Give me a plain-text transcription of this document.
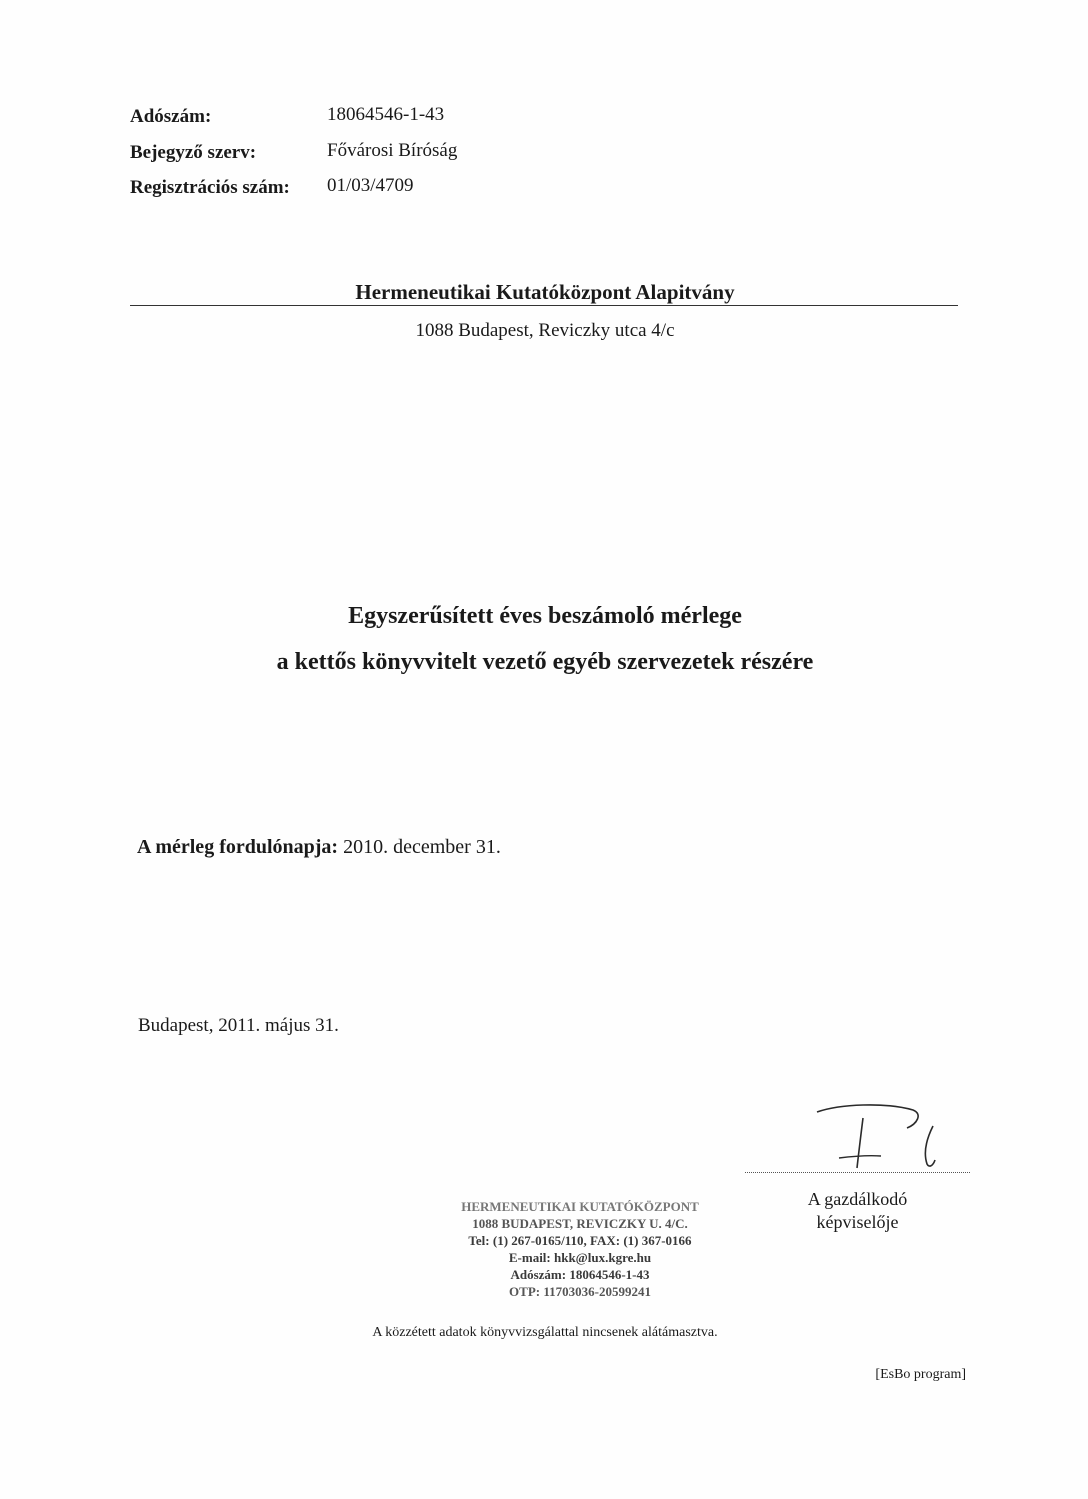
Adószám:	18064546-1-43
Bejegyző szerv:	Fővárosi Bíróság
Regisztrációs szám: 01/03/4709
Hermeneutikai Kutatóközpont Alapitvány
1088 Budapest, Reviczky utca 4/c
Egyszerűsített éves beszámoló mérlege
a kettős könyvvitelt vezető egyéb szervezetek részére
A mérleg fordulónapja: 2010. december 31.
Budapest, 2011. május 31.
A gazdálkodó
képviselője
HERMENEUTIKAI KUTATÓKÖZPONT
1088 BUDAPEST, REVICZKY U. 4/C.
Tel: (1) 267-0165/110, FAX: (1) 367-0166
E-mail: hkk@lux.kgre.hu
Adószám: 18064546-1-43
OTP: 11703036-20599241
A közzétett adatok könyvvizsgálattal nincsenek alátámasztva.
[EsBo program]
